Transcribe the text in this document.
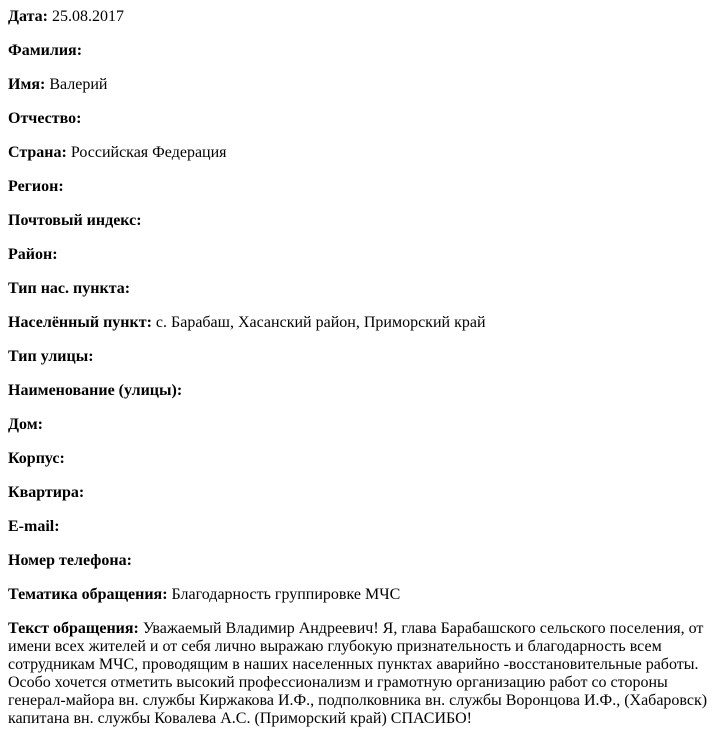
Дата: 25.08.2017

Фамилия:

Имя: Валерий

Отчество:

Страна: Российская Федерация

Регион:

Почтовый индекс:

Район:

Тип нас. пункта:

Населённый пункт: с. Барабаш, Хасанский район, Приморский край

Тип улицы:

Наименование (улицы):

Дом:

Корпус:

Квартира:

E-mail:

Номер телефона:

Тематика обращения: Благодарность группировке МЧС

Текст обращения: Уважаемый Владимир Андреевич! Я, глава Барабашского сельского поселения, от имени всех жителей и от себя лично выражаю глубокую признательность и благодарность всем сотрудникам МЧС, проводящим в наших населенных пунктах аварийно -восстановительные работы. Особо хочется отметить высокий профессионализм и грамотную организацию работ со стороны генерал-майора вн. службы Киржакова И.Ф., подполковника вн. службы Воронцова И.Ф., (Хабаровск) капитана вн. службы Ковалева А.С. (Приморский край) СПАСИБО!
